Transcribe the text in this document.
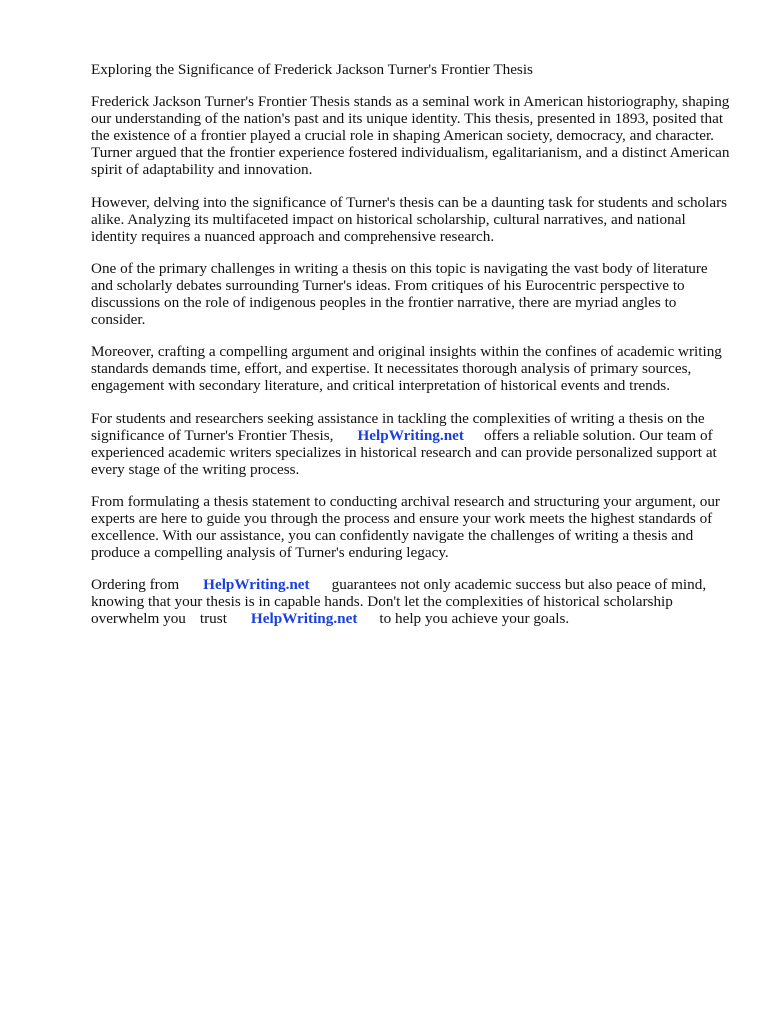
Exploring the Significance of Frederick Jackson Turner's Frontier Thesis

Frederick Jackson Turner's Frontier Thesis stands as a seminal work in American historiography, shaping our understanding of the nation's past and its unique identity. This thesis, presented in 1893, posited that the existence of a frontier played a crucial role in shaping American society, democracy, and character. Turner argued that the frontier experience fostered individualism, egalitarianism, and a distinct American spirit of adaptability and innovation.

However, delving into the significance of Turner's thesis can be a daunting task for students and scholars alike. Analyzing its multifaceted impact on historical scholarship, cultural narratives, and national identity requires a nuanced approach and comprehensive research.

One of the primary challenges in writing a thesis on this topic is navigating the vast body of literature and scholarly debates surrounding Turner's ideas. From critiques of his Eurocentric perspective to discussions on the role of indigenous peoples in the frontier narrative, there are myriad angles to consider.

Moreover, crafting a compelling argument and original insights within the confines of academic writing standards demands time, effort, and expertise. It necessitates thorough analysis of primary sources, engagement with secondary literature, and critical interpretation of historical events and trends.

For students and researchers seeking assistance in tackling the complexities of writing a thesis on the significance of Turner's Frontier Thesis, HelpWriting.net offers a reliable solution. Our team of experienced academic writers specializes in historical research and can provide personalized support at every stage of the writing process.

From formulating a thesis statement to conducting archival research and structuring your argument, our experts are here to guide you through the process and ensure your work meets the highest standards of excellence. With our assistance, you can confidently navigate the challenges of writing a thesis and produce a compelling analysis of Turner's enduring legacy.

Ordering from HelpWriting.net guarantees not only academic success but also peace of mind, knowing that your thesis is in capable hands. Don't let the complexities of historical scholarship overwhelm you trust HelpWriting.net to help you achieve your goals.
